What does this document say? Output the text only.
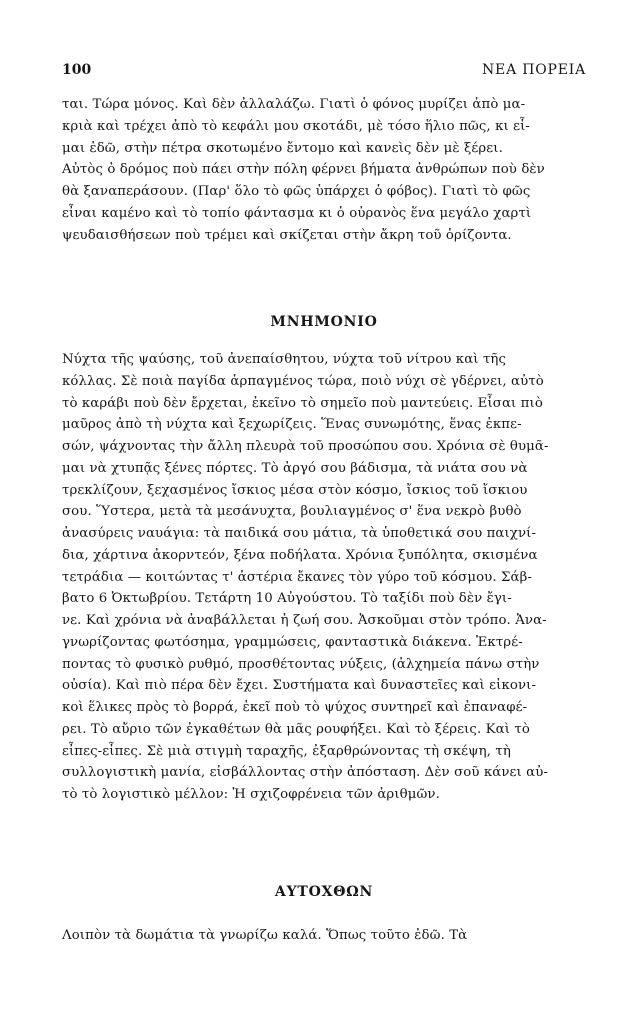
100	ΝΕΑ ΠΟΡΕΙΑ

ται. Τώρα μόνος. Καὶ δὲν ἀλλαλάζω. Γιατὶ ὁ φόνος μυρίζει ἀπὸ μα-
κριὰ καὶ τρέχει ἀπὸ τὸ κεφάλι μου σκοτάδι, μὲ τόσο ἥλιο πῶς, κι εἶ-
μαι ἐδῶ, στὴν πέτρα σκοτωμένο ἔντομο καὶ κανεὶς δὲν μὲ ξέρει.
Αὐτὸς ὁ δρόμος ποὺ πάει στὴν πόλη φέρνει βήματα ἀνθρώπων ποὺ δὲν
θὰ ξαναπεράσουν. (Παρ' ὅλο τὸ φῶς ὑπάρχει ὁ φόβος). Γιατὶ τὸ φῶς
εἶναι καμένο καὶ τὸ τοπίο φάντασμα κι ὁ οὐρανὸς ἕνα μεγάλο χαρτὶ
ψευδαισθήσεων ποὺ τρέμει καὶ σκίζεται στὴν ἄκρη τοῦ ὁρίζοντα.

ΜΝΗΜΟΝΙΟ

Νύχτα τῆς ψαύσης, τοῦ ἀνεπαίσθητου, νύχτα τοῦ νίτρου καὶ τῆς
κόλλας. Σὲ ποιὰ παγίδα ἁρπαγμένος τώρα, ποιὸ νύχι σὲ γδέρνει, αὐτὸ
τὸ καράβι ποὺ δὲν ἔρχεται, ἐκεῖνο τὸ σημεῖο ποὺ μαντεύεις. Εἶσαι πιὸ
μαῦρος ἀπὸ τὴ νύχτα καὶ ξεχωρίζεις. Ἕνας συνωμότης, ἕνας ἐκπε-
σών, ψάχνοντας τὴν ἄλλη πλευρὰ τοῦ προσώπου σου. Χρόνια σὲ θυμᾶ-
μαι νὰ χτυπᾷς ξένες πόρτες. Τὸ ἀργό σου βάδισμα, τὰ νιάτα σου νὰ
τρεκλίζουν, ξεχασμένος ἴσκιος μέσα στὸν κόσμο, ἴσκιος τοῦ ἴσκιου
σου. Ὕστερα, μετὰ τὰ μεσάνυχτα, βουλιαγμένος σ' ἕνα νεκρὸ βυθὸ
ἀνασύρεις ναυάγια: τὰ παιδικά σου μάτια, τὰ ὑποθετικά σου παιχνί-
δια, χάρτινα ἀκορντεόν, ξένα ποδήλατα. Χρόνια ξυπόλητα, σκισμένα
τετράδια — κοιτώντας τ' ἀστέρια ἔκανες τὸν γύρο τοῦ κόσμου. Σάβ-
βατο 6 Ὀκτωβρίου. Τετάρτη 10 Αὐγούστου. Τὸ ταξίδι ποὺ δὲν ἔγι-
νε. Καὶ χρόνια νὰ ἀναβάλλεται ἡ ζωή σου. Ἀσκοῦμαι στὸν τρόπο. Ἀνα-
γνωρίζοντας φωτόσημα, γραμμώσεις, φανταστικὰ διάκενα. Ἐκτρέ-
ποντας τὸ φυσικὸ ρυθμό, προσθέτοντας νύξεις, (ἀλχημεία πάνω στὴν
οὐσία). Καὶ πιὸ πέρα δὲν ἔχει. Συστήματα καὶ δυναστεῖες καὶ εἰκονι-
κοὶ ἕλικες πρὸς τὸ βορρά, ἐκεῖ ποὺ τὸ ψύχος συντηρεῖ καὶ ἐπαναφέ-
ρει. Τὸ αὔριο τῶν ἐγκαθέτων θὰ μᾶς ρουφήξει. Καὶ τὸ ξέρεις. Καὶ τὸ
εἶπες-εἶπες. Σὲ μιὰ στιγμὴ ταραχῆς, ἐξαρθρώνοντας τὴ σκέψη, τὴ
συλλογιστικὴ μανία, εἰσβάλλοντας στὴν ἀπόσταση. Δὲν σοῦ κάνει αὐ-
τὸ τὸ λογιστικὸ μέλλον: Ἡ σχιζοφρένεια τῶν ἀριθμῶν.

ΑΥΤΟΧΘΩΝ

Λοιπὸν τὰ δωμάτια τὰ γνωρίζω καλά. Ὅπως τοῦτο ἐδῶ. Τὰ
